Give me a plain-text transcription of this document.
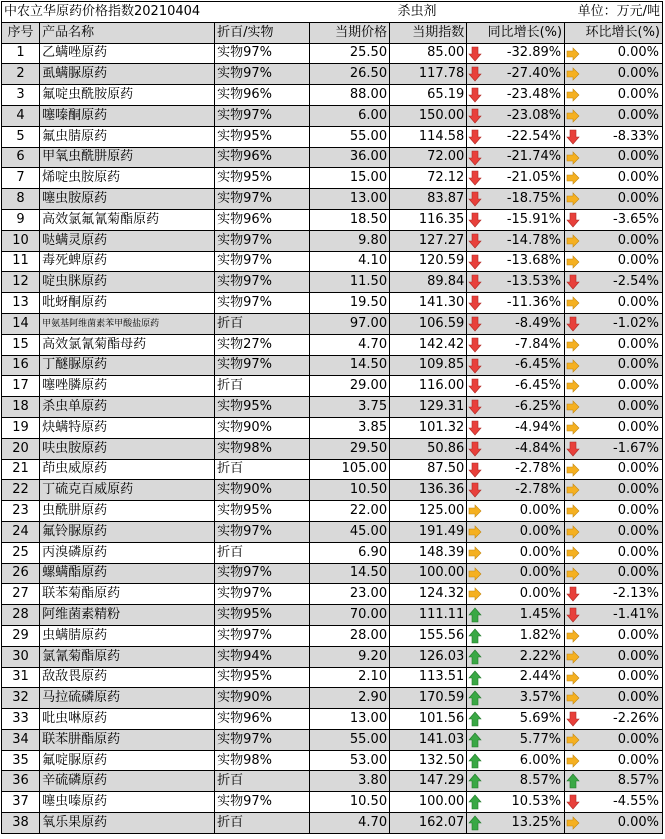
中农立华原药价格指数20210404			杀虫剂		单位：万元/吨	
序号	产品名称	折百/实物	当期价格	当期指数	同比增长(%)	环比增长(%)
1	乙螨唑原药	实物97%	25.50	85.00	-32.89%	0.00%

2	虱螨脲原药	实物97%	26.50	117.78	-27.40%	0.00%

3	氟啶虫酰胺原药	实物96%	88.00	65.19	-23.48%	0.00%

4	噻嗪酮原药	实物97%	6.00	150.00	-23.08%	0.00%

5	氟虫腈原药	实物95%	55.00	114.58	-22.54%	-8.33%

6	甲氧虫酰肼原药	实物96%	36.00	72.00	-21.74%	0.00%

7	烯啶虫胺原药	实物95%	15.00	72.12	-21.05%	0.00%

8	噻虫胺原药	实物97%	13.00	83.87	-18.75%	0.00%

9	高效氯氟氰菊酯原药	实物96%	18.50	116.35	-15.91%	-3.65%

10	哒螨灵原药	实物97%	9.80	127.27	-14.78%	0.00%

11	毒死蜱原药	实物97%	4.10	120.59	-13.68%	0.00%

12	啶虫脒原药	实物97%	11.50	89.84	-13.53%	-2.54%

13	吡蚜酮原药	实物97%	19.50	141.30	-11.36%	0.00%

14	甲氨基阿维菌素苯甲酸盐原药	折百	97.00	106.59	-8.49%	-1.02%

15	高效氯氰菊酯母药	实物27%	4.70	142.42	-7.84%	0.00%

16	丁醚脲原药	实物97%	14.50	109.85	-6.45%	0.00%

17	噻唑膦原药	折百	29.00	116.00	-6.45%	0.00%

18	杀虫单原药	实物95%	3.75	129.31	-6.25%	0.00%

19	炔螨特原药	实物90%	3.85	101.32	-4.94%	0.00%

20	呋虫胺原药	实物98%	29.50	50.86	-4.84%	-1.67%

21	茚虫威原药	折百	105.00	87.50	-2.78%	0.00%

22	丁硫克百威原药	实物90%	10.50	136.36	-2.78%	0.00%

23	虫酰肼原药	实物95%	22.00	125.00	0.00%	0.00%

24	氟铃脲原药	实物97%	45.00	191.49	0.00%	0.00%

25	丙溴磷原药	折百	6.90	148.39	0.00%	0.00%

26	螺螨酯原药	实物97%	14.50	100.00	0.00%	0.00%

27	联苯菊酯原药	实物97%	23.00	124.32	0.00%	-2.13%

28	阿维菌素精粉	实物95%	70.00	111.11	1.45%	-1.41%

29	虫螨腈原药	实物97%	28.00	155.56	1.82%	0.00%

30	氯氰菊酯原药	实物94%	9.20	126.03	2.22%	0.00%

31	敌敌畏原药	实物95%	2.10	113.51	2.44%	0.00%

32	马拉硫磷原药	实物90%	2.90	170.59	3.57%	0.00%

33	吡虫啉原药	实物96%	13.00	101.56	5.69%	-2.26%

34	联苯肼酯原药	实物97%	55.00	141.03	5.77%	0.00%

35	氟啶脲原药	实物98%	53.00	132.50	6.00%	0.00%

36	辛硫磷原药	折百	3.80	147.29	8.57%	8.57%

37	噻虫嗪原药	实物97%	10.50	100.00	10.53%	-4.55%

38	氧乐果原药	折百	4.70	162.07	13.25%	0.00%
